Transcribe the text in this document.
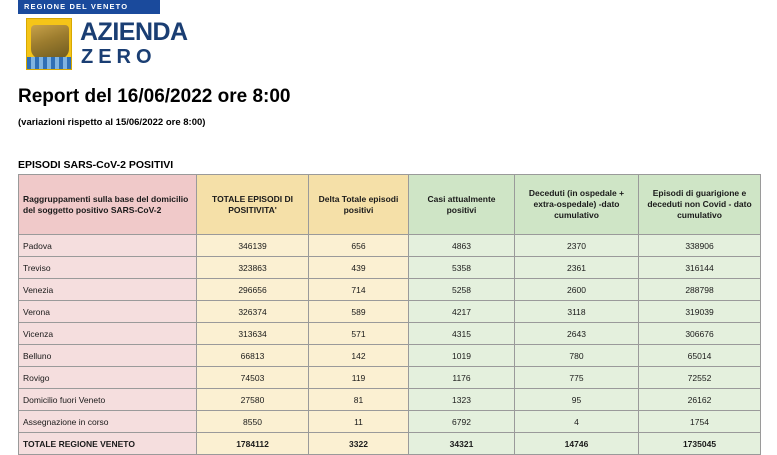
REGIONE DEL VENETO
AZIENDA
ZERO
Report del 16/06/2022 ore 8:00
(variazioni rispetto al 15/06/2022 ore 8:00)
EPISODI SARS-CoV-2 POSITIVI
Raggruppamenti sulla base del domicilio del soggetto positivo SARS-CoV-2	TOTALE EPISODI DI POSITIVITA'	Delta Totale episodi positivi	Casi attualmente positivi	Deceduti (in ospedale + extra-ospedale) -dato cumulativo	Episodi di guarigione e deceduti non Covid - dato cumulativo
Padova	346139	656	4863	2370	338906
Treviso	323863	439	5358	2361	316144
Venezia	296656	714	5258	2600	288798
Verona	326374	589	4217	3118	319039
Vicenza	313634	571	4315	2643	306676
Belluno	66813	142	1019	780	65014
Rovigo	74503	119	1176	775	72552
Domicilio fuori Veneto	27580	81	1323	95	26162
Assegnazione in corso	8550	11	6792	4	1754
TOTALE REGIONE VENETO	1784112	3322	34321	14746	1735045
